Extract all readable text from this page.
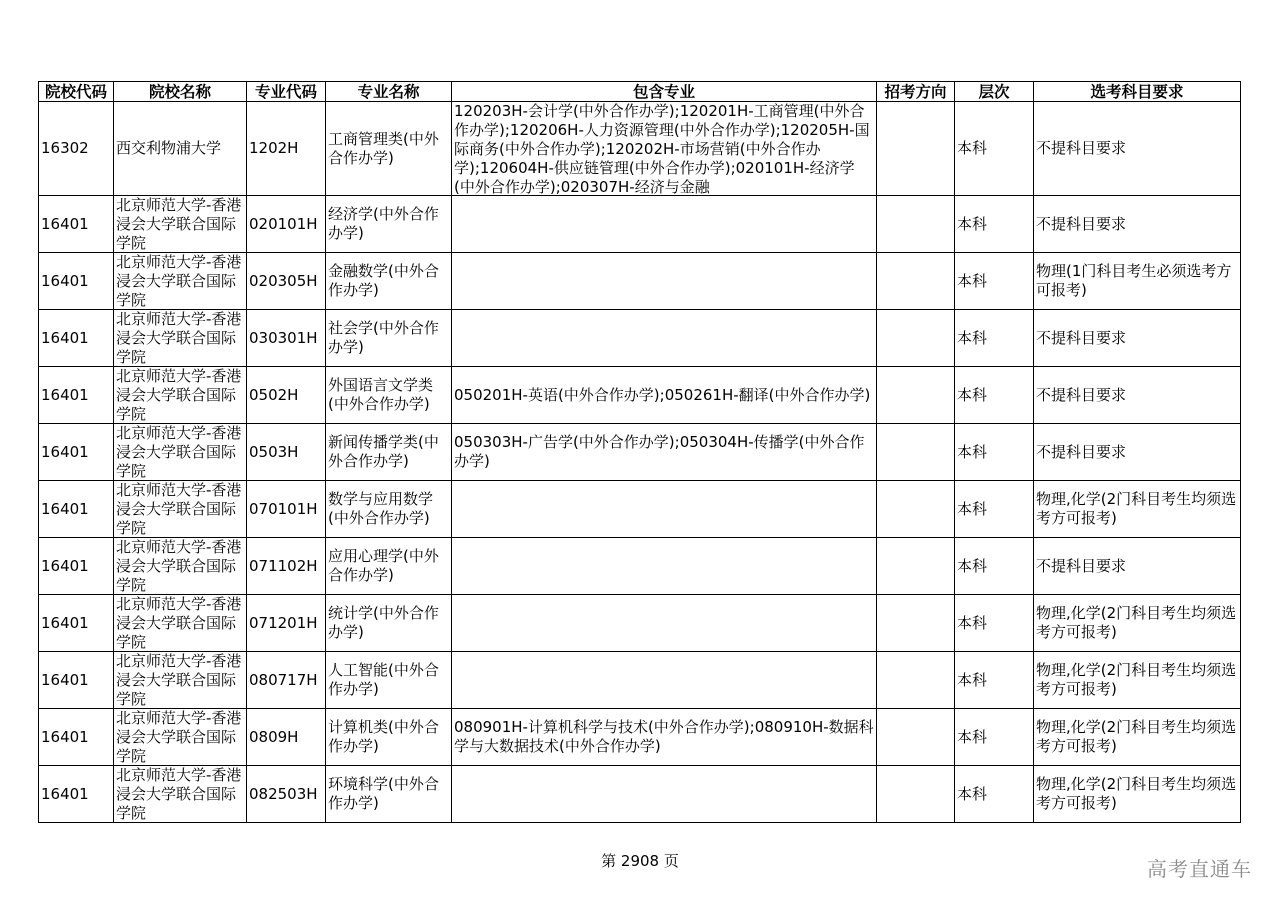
院校代码	院校名称	专业代码	专业名称	包含专业	招考方向	层次	选考科目要求

16302	西交利物浦大学	1202H	工商管理类(中外合作办学)	120203H-会计学(中外合作办学);120201H-工商管理(中外合作办学);120206H-人力资源管理(中外合作办学);120205H-国际商务(中外合作办学);120202H-市场营销(中外合作办学);120604H-供应链管理(中外合作办学);020101H-经济学(中外合作办学);020307H-经济与金融		本科	不提科目要求

16401	北京师范大学-香港浸会大学联合国际学院	020101H	经济学(中外合作办学)			本科	不提科目要求

16401	北京师范大学-香港浸会大学联合国际学院	020305H	金融数学(中外合作办学)			本科	物理(1门科目考生必须选考方可报考)

16401	北京师范大学-香港浸会大学联合国际学院	030301H	社会学(中外合作办学)			本科	不提科目要求

16401	北京师范大学-香港浸会大学联合国际学院	0502H	外国语言文学类(中外合作办学)	050201H-英语(中外合作办学);050261H-翻译(中外合作办学)		本科	不提科目要求

16401	北京师范大学-香港浸会大学联合国际学院	0503H	新闻传播学类(中外合作办学)	050303H-广告学(中外合作办学);050304H-传播学(中外合作办学)		本科	不提科目要求

16401	北京师范大学-香港浸会大学联合国际学院	070101H	数学与应用数学(中外合作办学)			本科	物理,化学(2门科目考生均须选考方可报考)

16401	北京师范大学-香港浸会大学联合国际学院	071102H	应用心理学(中外合作办学)			本科	不提科目要求

16401	北京师范大学-香港浸会大学联合国际学院	071201H	统计学(中外合作办学)			本科	物理,化学(2门科目考生均须选考方可报考)

16401	北京师范大学-香港浸会大学联合国际学院	080717H	人工智能(中外合作办学)			本科	物理,化学(2门科目考生均须选考方可报考)

16401	北京师范大学-香港浸会大学联合国际学院	0809H	计算机类(中外合作办学)	080901H-计算机科学与技术(中外合作办学);080910H-数据科学与大数据技术(中外合作办学)		本科	物理,化学(2门科目考生均须选考方可报考)

16401	北京师范大学-香港浸会大学联合国际学院	082503H	环境科学(中外合作办学)			本科	物理,化学(2门科目考生均须选考方可报考)
第 2908 页	高考直通车
